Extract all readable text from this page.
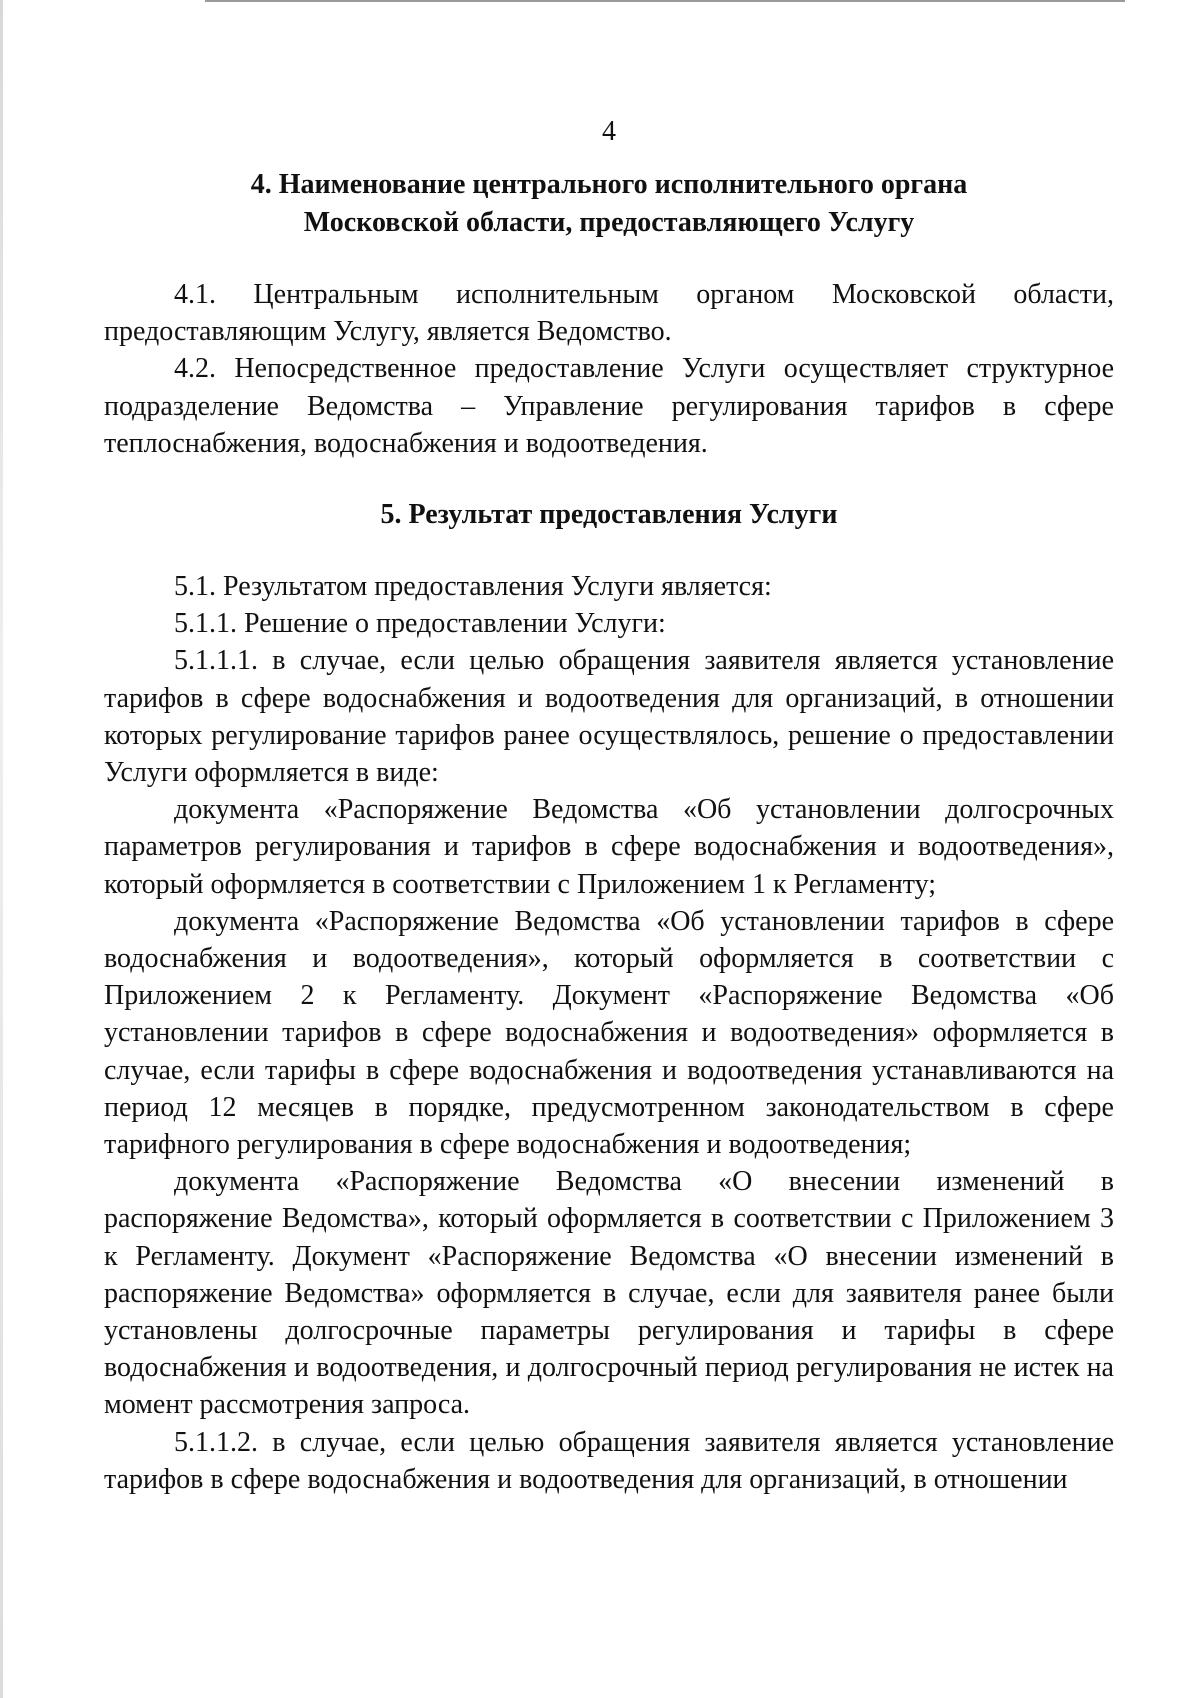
4
4. Наименование центрального исполнительного органа
Московской области, предоставляющего Услугу

4.1. Центральным исполнительным органом Московской области, предоставляющим Услугу, является Ведомство.

4.2. Непосредственное предоставление Услуги осуществляет структурное подразделение Ведомства – Управление регулирования тарифов в сфере теплоснабжения, водоснабжения и водоотведения.

5. Результат предоставления Услуги

5.1. Результатом предоставления Услуги является:

5.1.1. Решение о предоставлении Услуги:

5.1.1.1. в случае, если целью обращения заявителя является установление тарифов в сфере водоснабжения и водоотведения для организаций, в отношении которых регулирование тарифов ранее осуществлялось, решение о предоставлении Услуги оформляется в виде:

документа «Распоряжение Ведомства «Об установлении долгосрочных параметров регулирования и тарифов в сфере водоснабжения и водоотведения», который оформляется в соответствии с Приложением 1 к Регламенту;

документа «Распоряжение Ведомства «Об установлении тарифов в сфере водоснабжения и водоотведения», который оформляется в соответствии с Приложением 2 к Регламенту. Документ «Распоряжение Ведомства «Об установлении тарифов в сфере водоснабжения и водоотведения» оформляется в случае, если тарифы в сфере водоснабжения и водоотведения устанавливаются на период 12 месяцев в порядке, предусмотренном законодательством в сфере тарифного регулирования в сфере водоснабжения и водоотведения;

документа «Распоряжение Ведомства «О внесении изменений в распоряжение Ведомства», который оформляется в соответствии с Приложением 3 к Регламенту. Документ «Распоряжение Ведомства «О внесении изменений в распоряжение Ведомства» оформляется в случае, если для заявителя ранее были установлены долгосрочные параметры регулирования и тарифы в сфере водоснабжения и водоотведения, и долгосрочный период регулирования не истек на момент рассмотрения запроса.

5.1.1.2. в случае, если целью обращения заявителя является установление тарифов в сфере водоснабжения и водоотведения для организаций, в отношении
